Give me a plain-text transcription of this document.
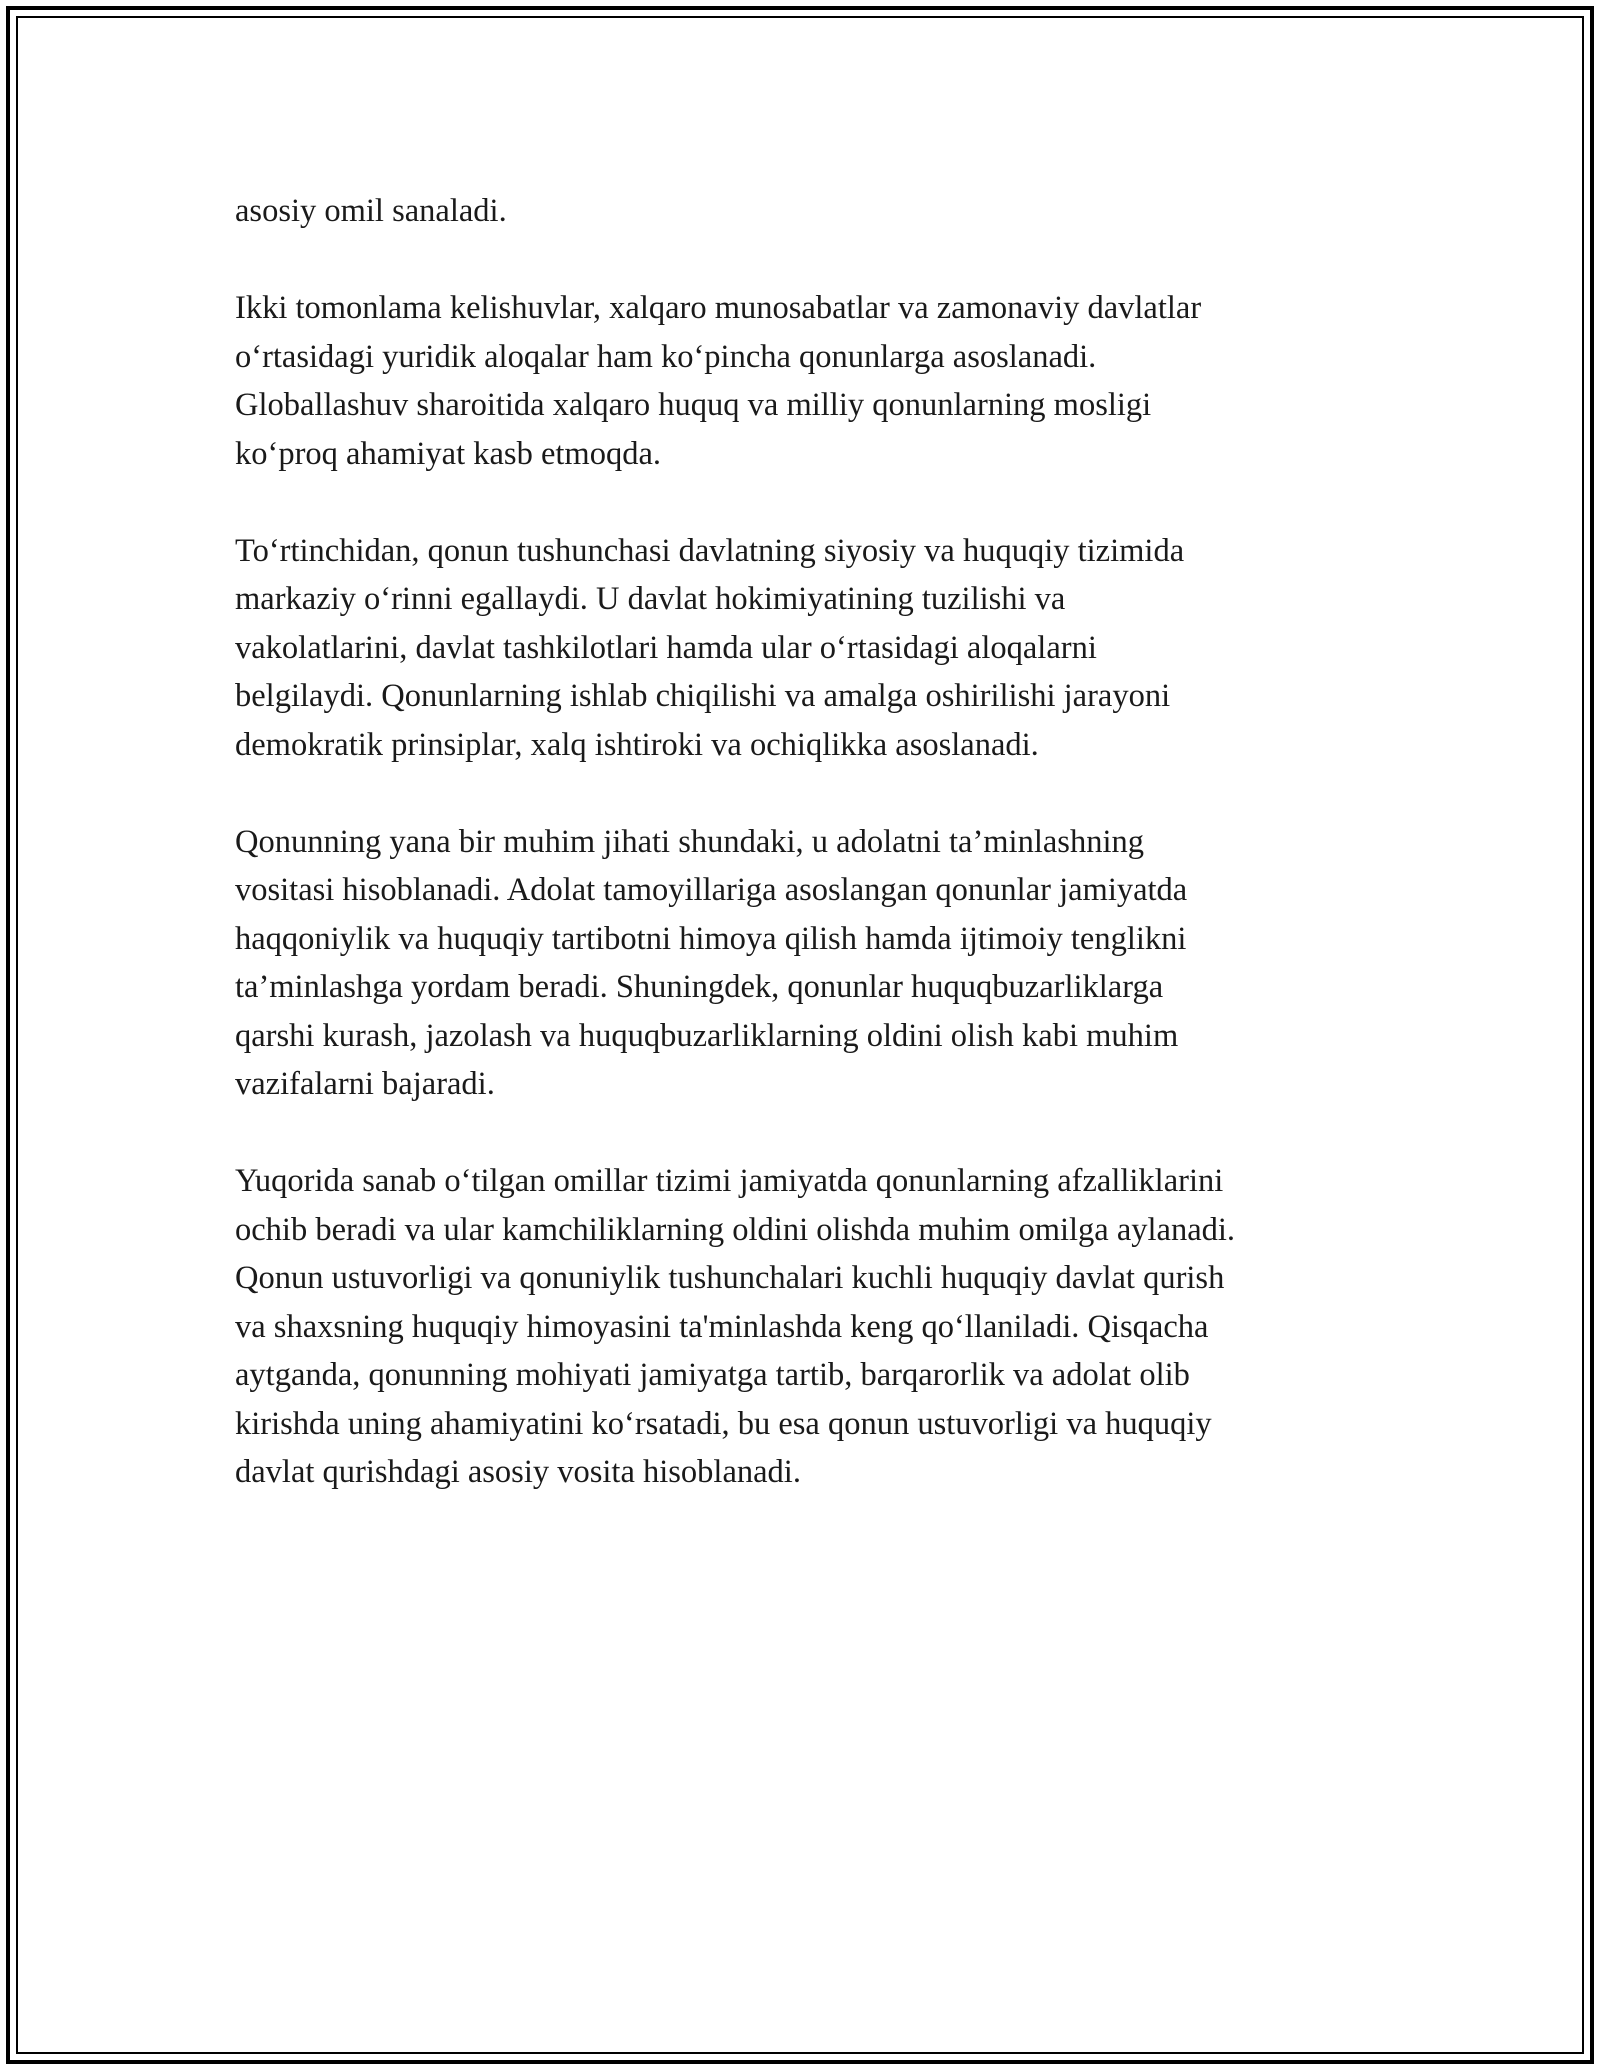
asosiy omil sanaladi.

Ikki tomonlama kelishuvlar, xalqaro munosabatlar va zamonaviy davlatlar
o‘rtasidagi yuridik aloqalar ham ko‘pincha qonunlarga asoslanadi.
Globallashuv sharoitida xalqaro huquq va milliy qonunlarning mosligi
ko‘proq ahamiyat kasb etmoqda.

To‘rtinchidan, qonun tushunchasi davlatning siyosiy va huquqiy tizimida
markaziy o‘rinni egallaydi. U davlat hokimiyatining tuzilishi va
vakolatlarini, davlat tashkilotlari hamda ular o‘rtasidagi aloqalarni
belgilaydi. Qonunlarning ishlab chiqilishi va amalga oshirilishi jarayoni
demokratik prinsiplar, xalq ishtiroki va ochiqlikka asoslanadi.

Qonunning yana bir muhim jihati shundaki, u adolatni ta’minlashning
vositasi hisoblanadi. Adolat tamoyillariga asoslangan qonunlar jamiyatda
haqqoniylik va huquqiy tartibotni himoya qilish hamda ijtimoiy tenglikni
ta’minlashga yordam beradi. Shuningdek, qonunlar huquqbuzarliklarga
qarshi kurash, jazolash va huquqbuzarliklarning oldini olish kabi muhim
vazifalarni bajaradi.

Yuqorida sanab o‘tilgan omillar tizimi jamiyatda qonunlarning afzalliklarini
ochib beradi va ular kamchiliklarning oldini olishda muhim omilga aylanadi.
Qonun ustuvorligi va qonuniylik tushunchalari kuchli huquqiy davlat qurish
va shaxsning huquqiy himoyasini ta'minlashda keng qo‘llaniladi. Qisqacha
aytganda, qonunning mohiyati jamiyatga tartib, barqarorlik va adolat olib
kirishda uning ahamiyatini ko‘rsatadi, bu esa qonun ustuvorligi va huquqiy
davlat qurishdagi asosiy vosita hisoblanadi.
